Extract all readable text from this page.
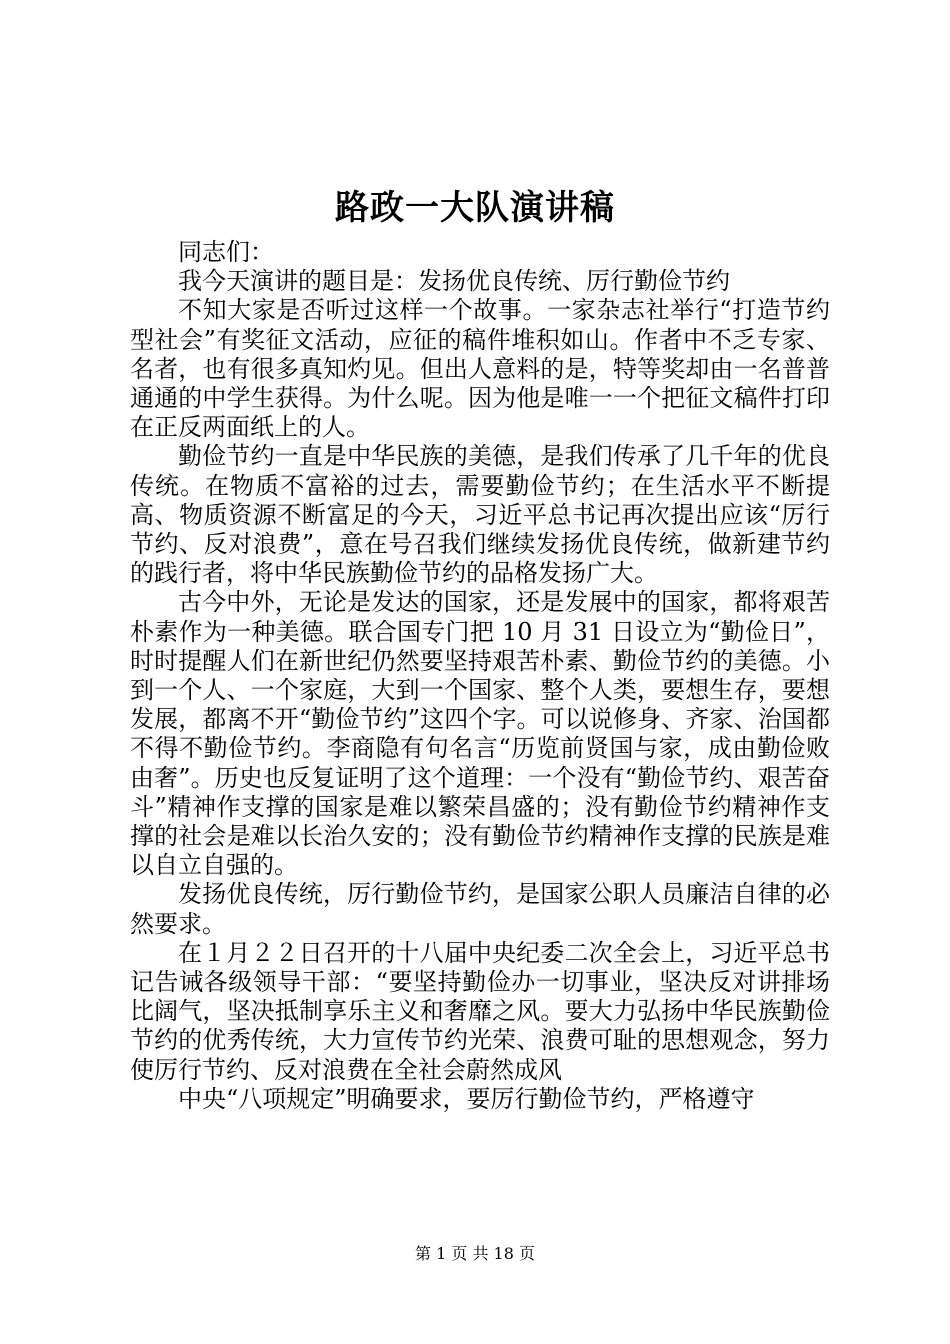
路政一大队演讲稿

同志们：

我今天演讲的题目是：发扬优良传统、厉行勤俭节约

不知大家是否听过这样一个故事。一家杂志社举行“打造节约型社会”有奖征文活动，应征的稿件堆积如山。作者中不乏专家、名者，也有很多真知灼见。但出人意料的是，特等奖却由一名普普通通的中学生获得。为什么呢。因为他是唯一一个把征文稿件打印在正反两面纸上的人。

勤俭节约一直是中华民族的美德，是我们传承了几千年的优良传统。在物质不富裕的过去，需要勤俭节约；在生活水平不断提高、物质资源不断富足的今天，习近平总书记再次提出应该“厉行节约、反对浪费”，意在号召我们继续发扬优良传统，做新建节约的践行者，将中华民族勤俭节约的品格发扬广大。

古今中外，无论是发达的国家，还是发展中的国家，都将艰苦朴素作为一种美德。联合国专门把 10 月 31 日设立为“勤俭日”，时时提醒人们在新世纪仍然要坚持艰苦朴素、勤俭节约的美德。小到一个人、一个家庭，大到一个国家、整个人类，要想生存，要想发展，都离不开“勤俭节约”这四个字。可以说修身、齐家、治国都不得不勤俭节约。李商隐有句名言“历览前贤国与家，成由勤俭败由奢”。历史也反复证明了这个道理：一个没有“勤俭节约、艰苦奋斗”精神作支撑的国家是难以繁荣昌盛的；没有勤俭节约精神作支撑的社会是难以长治久安的；没有勤俭节约精神作支撑的民族是难以自立自强的。

发扬优良传统，厉行勤俭节约，是国家公职人员廉洁自律的必然要求。

在１月２２日召开的十八届中央纪委二次全会上，习近平总书记告诫各级领导干部：“要坚持勤俭办一切事业，坚决反对讲排场比阔气，坚决抵制享乐主义和奢靡之风。要大力弘扬中华民族勤俭节约的优秀传统，大力宣传节约光荣、浪费可耻的思想观念，努力使厉行节约、反对浪费在全社会蔚然成风

中央“八项规定”明确要求，要厉行勤俭节约，严格遵守

第 1 页 共 18 页
